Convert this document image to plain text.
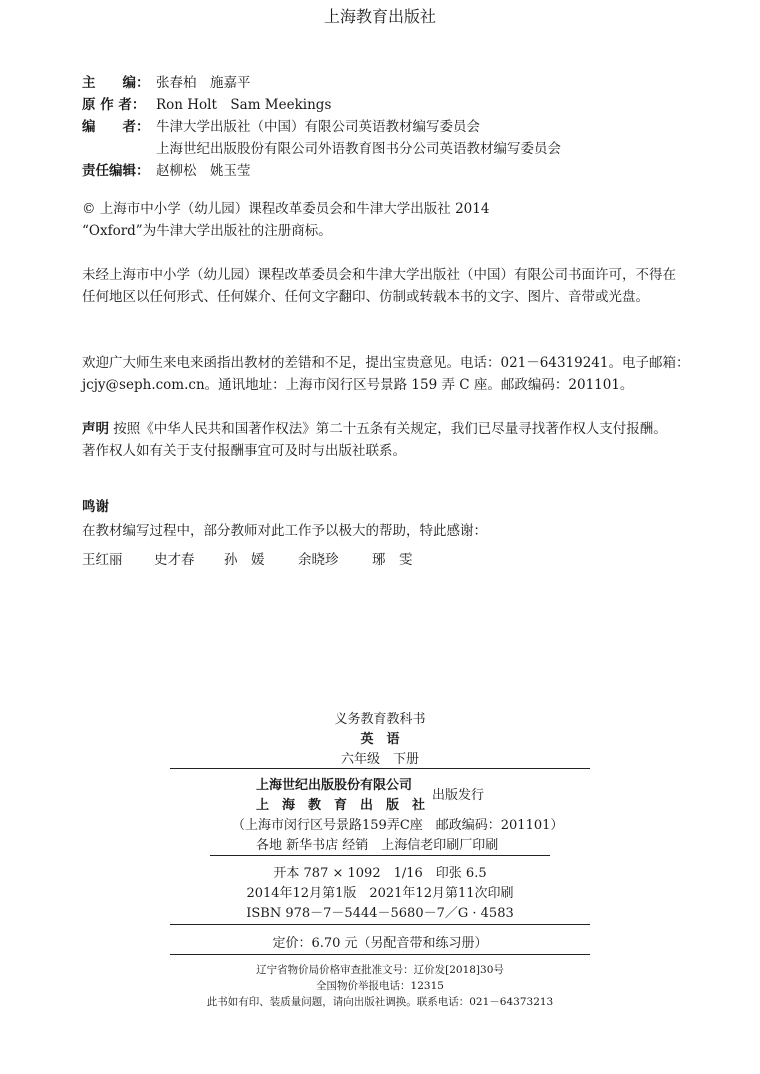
上海教育出版社
主　　编： 张春柏　施嘉平
原 作 者： Ron Holt　Sam Meekings
编　　者： 牛津大学出版社（中国）有限公司英语教材编写委员会
上海世纪出版股份有限公司外语教育图书分公司英语教材编写委员会
责任编辑： 赵柳松　姚玉莹
© 上海市中小学（幼儿园）课程改革委员会和牛津大学出版社 2014
“Oxford”为牛津大学出版社的注册商标。
未经上海市中小学（幼儿园）课程改革委员会和牛津大学出版社（中国）有限公司书面许可，不得在任何地区以任何形式、任何媒介、任何文字翻印、仿制或转载本书的文字、图片、音带或光盘。
欢迎广大师生来电来函指出教材的差错和不足，提出宝贵意见。电话：021－64319241。电子邮箱：
jcjy@seph.com.cn。通讯地址：上海市闵行区号景路 159 弄 C 座。邮政编码：201101。
声明 按照《中华人民共和国著作权法》第二十五条有关规定，我们已尽量寻找著作权人支付报酬。著作权人如有关于支付报酬事宜可及时与出版社联系。
鸣谢
在教材编写过程中，部分教师对此工作予以极大的帮助，特此感谢：
王红丽	史才春	孙　媛	余晓珍	琊　雯
义务教育教科书
英　语
六年级　下册
上海世纪出版股份有限公司
上　海　教　育　出　版　社
出版发行
（上海市闵行区号景路159弄C座　邮政编码：201101）
各地 新华书店 经销　上海信老印刷厂印刷
开本 787 × 1092　1/16　印张 6.5
2014年12月第1版　2021年12月第11次印刷
ISBN 978－7－5444－5680－7／G · 4583
定价：6.70 元（另配音带和练习册）
辽宁省物价局价格审查批准文号：辽价发[2018]30号
全国物价举报电话：12315
此书如有印、装质量问题，请向出版社调换。联系电话：021－64373213
